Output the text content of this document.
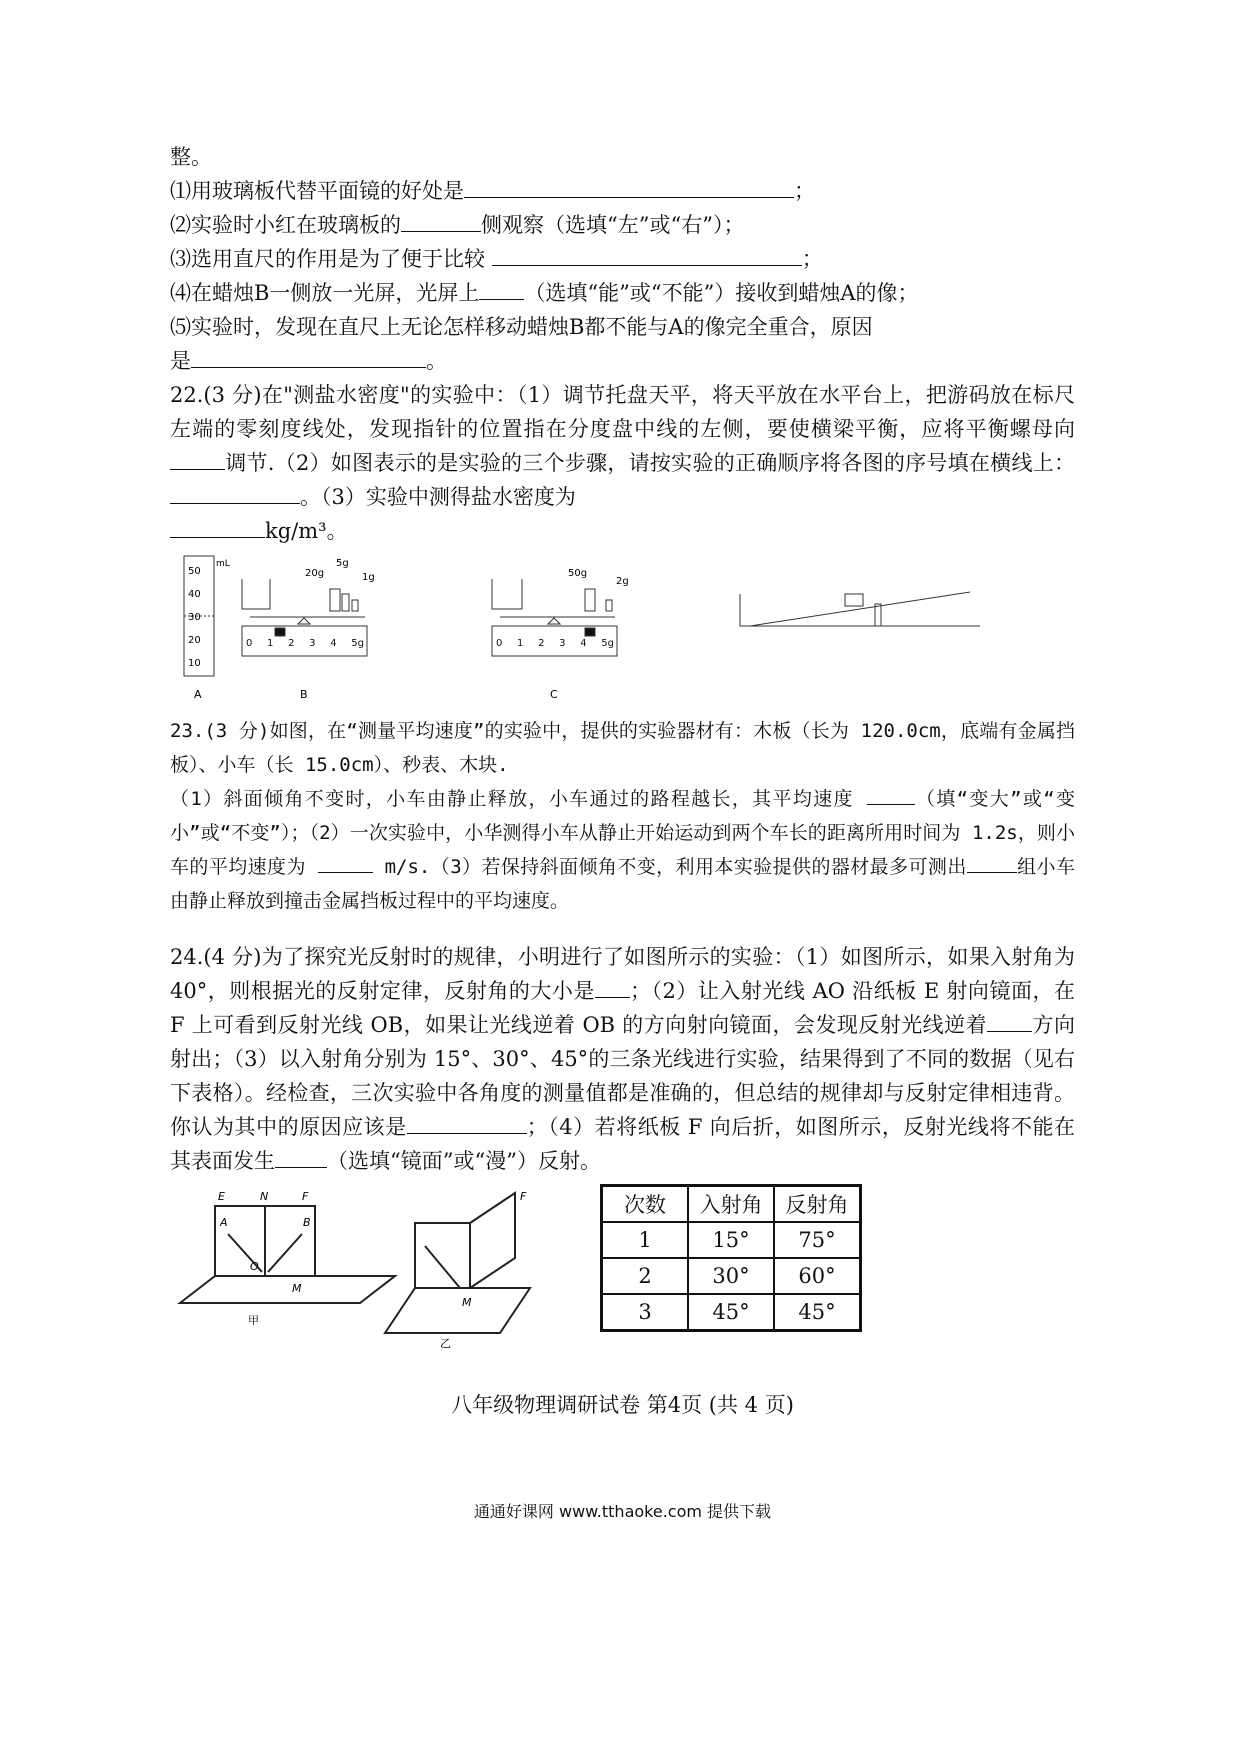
整。

⑴用玻璃板代替平面镜的好处是	；

⑵实验时小红在玻璃板的	侧观察（选填“左”或“右”）；

⑶选用直尺的作用是为了便于比较	；

⑷在蜡烛B一侧放一光屏，光屏上 （选填“能”或“不能”）接收到蜡烛A的像；

⑸实验时，发现在直尺上无论怎样移动蜡烛B都不能与A的像完全重合，原因
是	。

22.(3 分)在"测盐水密度"的实验中：（1）调节托盘天平，将天平放在水平台上，把游码放在标尺左端的零刻度线处，发现指针的位置指在分度盘中线的左侧，要使横梁平衡，应将平衡螺母向调节.（2）如图表示的是实验的三个步骤，请按实验的正确顺序将各图的序号填在横线上：。（3）实验中测得盐水密度为
kg/m³。

mL
50
40
30
20
10
A
20g
5g
1g
B
50g
2g
C
0 1 2 3 4 5g	0 1 2 3 4 5g

23.(3 分)如图，在“测量平均速度”的实验中，提供的实验器材有：木板（长为 120.0cm，底端有金属挡板）、小车（长 15.0cm）、秒表、木块.

（1）斜面倾角不变时，小车由静止释放，小车通过的路程越长，其平均速度	（填“变大”或“变小”或“不变”）；（2）一次实验中，小华测得小车从静止开始运动到两个车长的距离所用时间为 1.2s，则小车的平均速度为	m/s.（3）若保持斜面倾角不变，利用本实验提供的器材最多可测出	组小车由静止释放到撞击金属挡板过程中的平均速度。

24.(4 分)为了探究光反射时的规律，小明进行了如图所示的实验：（1）如图所示，如果入射角为 40°，则根据光的反射定律，反射角的大小是 ；（2）让入射光线 AO 沿纸板 E 射向镜面，在 F 上可看到反射光线 OB，如果让光线逆着 OB 的方向射向镜面，会发现反射光线逆着 方向射出；（3）以入射角分别为 15°、30°、45°的三条光线进行实验，结果得到了不同的数据（见右下表格）。经检查，三次实验中各角度的测量值都是准确的，但总结的规律却与反射定律相违背。你认为其中的原因应该是	；（4）若将纸板 F 向后折，如图所示，反射光线将不能在其表面发生 （选填“镜面”或“漫”）反射。

E	N	F
A	B
O
M
甲
F
M
乙
次数	入射角	反射角
1	15°	75°
2	30°	60°
3	45°	45°
八年级物理调研试卷 第4页 (共 4 页)
通通好课网 www.tthaoke.com 提供下载
